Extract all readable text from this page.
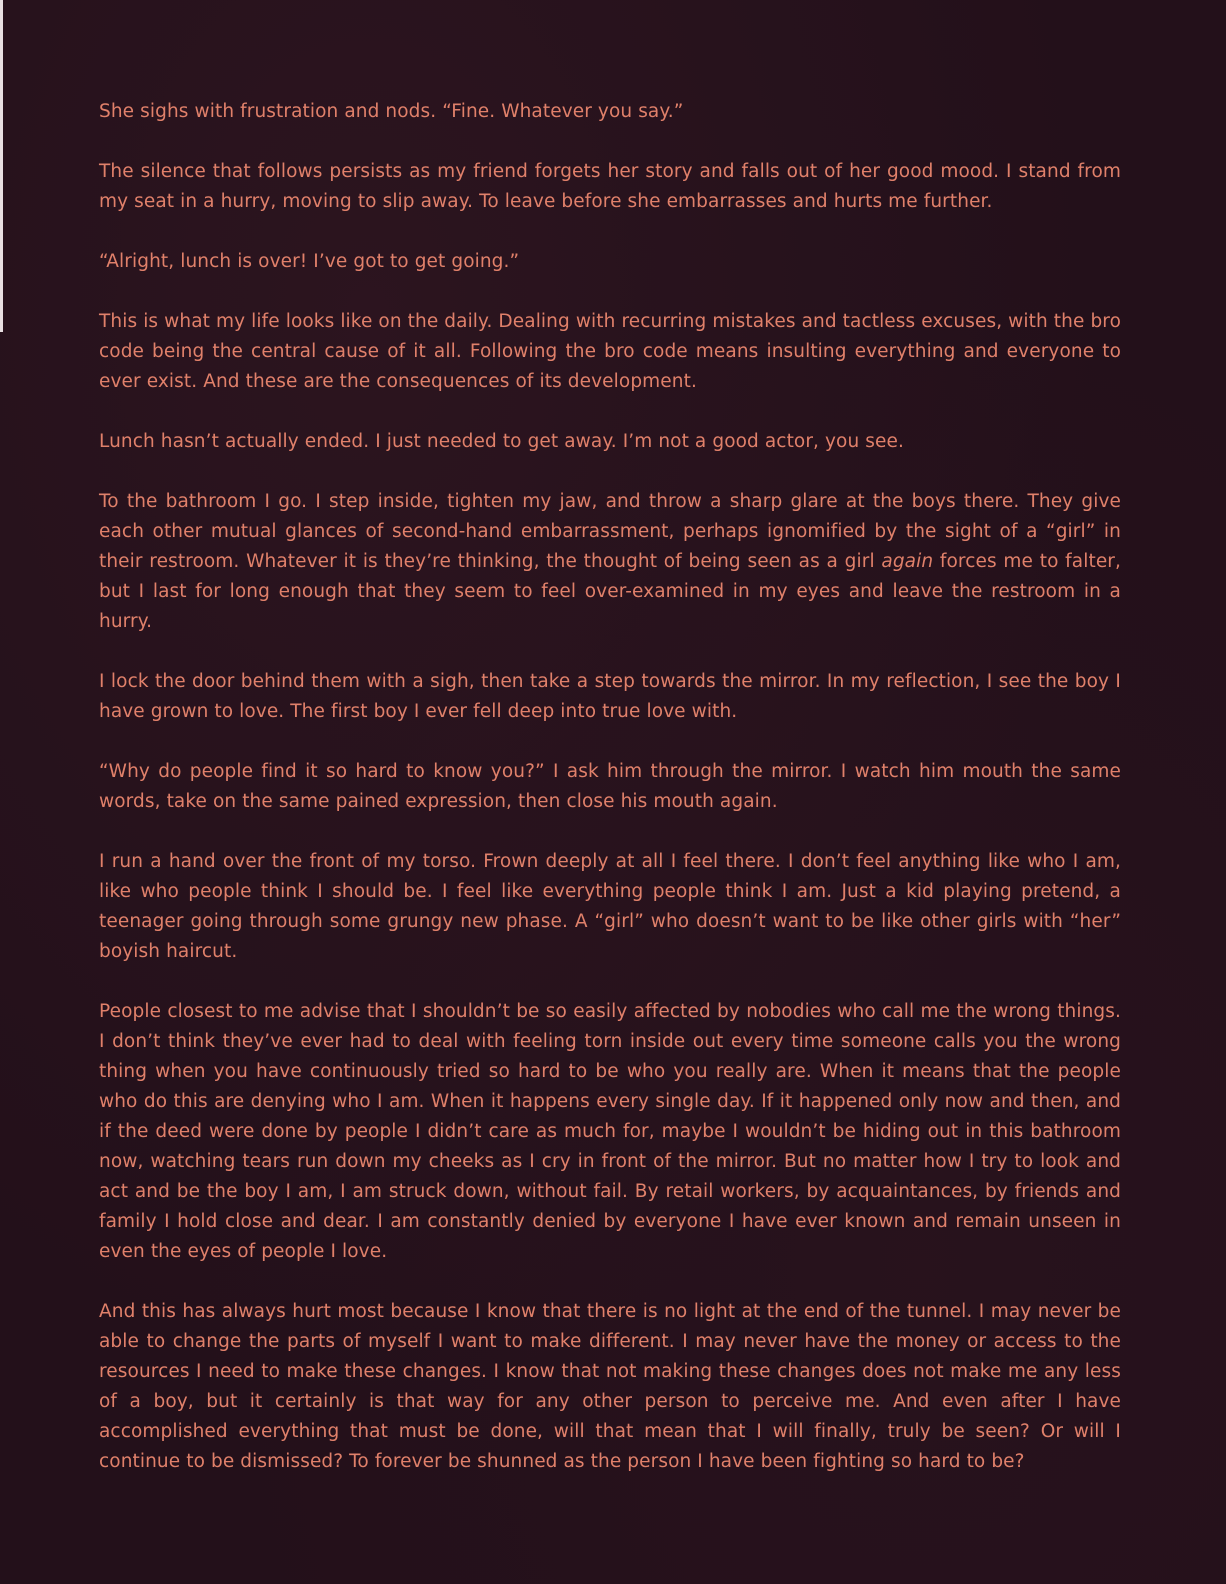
She sighs with frustration and nods. “Fine. Whatever you say.”

The silence that follows persists as my friend forgets her story and falls out of her good mood. I stand from my seat in a hurry, moving to slip away. To leave before she embarrasses and hurts me further.

“Alright, lunch is over! I’ve got to get going.”

This is what my life looks like on the daily. Dealing with recurring mistakes and tactless excuses, with the bro code being the central cause of it all. Following the bro code means insulting everything and everyone to ever exist. And these are the consequences of its development.

Lunch hasn’t actually ended. I just needed to get away. I’m not a good actor, you see.

To the bathroom I go. I step inside, tighten my jaw, and throw a sharp glare at the boys there. They give each other mutual glances of second-hand embarrassment, perhaps ignomified by the sight of a “girl” in their restroom. Whatever it is they’re thinking, the thought of being seen as a girl again forces me to falter, but I last for long enough that they seem to feel over-examined in my eyes and leave the restroom in a hurry.

I lock the door behind them with a sigh, then take a step towards the mirror. In my reflection, I see the boy I have grown to love. The first boy I ever fell deep into true love with.

“Why do people find it so hard to know you?” I ask him through the mirror. I watch him mouth the same words, take on the same pained expression, then close his mouth again.

I run a hand over the front of my torso. Frown deeply at all I feel there. I don’t feel anything like who I am, like who people think I should be. I feel like everything people think I am. Just a kid playing pretend, a teenager going through some grungy new phase. A “girl” who doesn’t want to be like other girls with “her” boyish haircut.

People closest to me advise that I shouldn’t be so easily affected by nobodies who call me the wrong things. I don’t think they’ve ever had to deal with feeling torn inside out every time someone calls you the wrong thing when you have continuously tried so hard to be who you really are. When it means that the people who do this are denying who I am. When it happens every single day. If it happened only now and then, and if the deed were done by people I didn’t care as much for, maybe I wouldn’t be hiding out in this bathroom now, watching tears run down my cheeks as I cry in front of the mirror. But no matter how I try to look and act and be the boy I am, I am struck down, without fail. By retail workers, by acquaintances, by friends and family I hold close and dear. I am constantly denied by everyone I have ever known and remain unseen in even the eyes of people I love.

And this has always hurt most because I know that there is no light at the end of the tunnel. I may never be able to change the parts of myself I want to make different. I may never have the money or access to the resources I need to make these changes. I know that not making these changes does not make me any less of a boy, but it certainly is that way for any other person to perceive me. And even after I have accomplished everything that must be done, will that mean that I will finally, truly be seen? Or will I continue to be dismissed? To forever be shunned as the person I have been fighting so hard to be?
